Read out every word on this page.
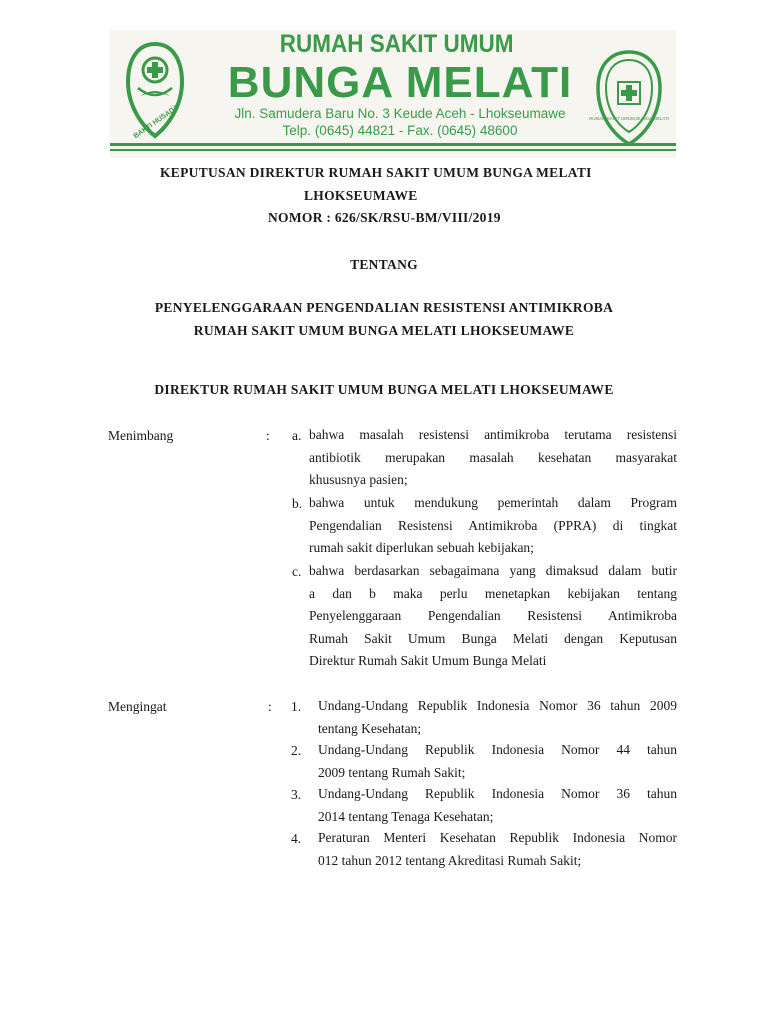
BAKTI HUSADA
RUMAH SAKIT UMUM
BUNGA MELATI
Jln. Samudera Baru No. 3 Keude Aceh - Lhokseumawe
Telp. (0645) 44821 - Fax. (0645) 48600
RUMAH SAKIT UMUM BUNGA MELATI
KEPUTUSAN DIREKTUR RUMAH SAKIT UMUM BUNGA MELATI
LHOKSEUMAWE
NOMOR : 626/SK/RSU-BM/VIII/2019
TENTANG
PENYELENGGARAAN PENGENDALIAN RESISTENSI ANTIMIKROBA
RUMAH SAKIT UMUM BUNGA MELATI LHOKSEUMAWE
DIREKTUR RUMAH SAKIT UMUM BUNGA MELATI LHOKSEUMAWE
Menimbang	: a. bahwa masalah resistensi antimikroba terutama resistensi
antibiotik merupakan masalah kesehatan masyarakat
khususnya pasien;
b. bahwa untuk mendukung pemerintah dalam Program
Pengendalian Resistensi Antimikroba (PPRA) di tingkat
rumah sakit diperlukan sebuah kebijakan;
c. bahwa berdasarkan sebagaimana yang dimaksud dalam butir
a dan b maka perlu menetapkan kebijakan tentang
Penyelenggaraan Pengendalian Resistensi Antimikroba
Rumah Sakit Umum Bunga Melati dengan Keputusan
Direktur Rumah Sakit Umum Bunga Melati
Mengingat	: 1. Undang-Undang Republik Indonesia Nomor 36 tahun 2009
tentang Kesehatan;
2. Undang-Undang Republik Indonesia Nomor 44 tahun
2009 tentang Rumah Sakit;
3. Undang-Undang Republik Indonesia Nomor 36 tahun
2014 tentang Tenaga Kesehatan;
4. Peraturan Menteri Kesehatan Republik Indonesia Nomor
012 tahun 2012 tentang Akreditasi Rumah Sakit;
